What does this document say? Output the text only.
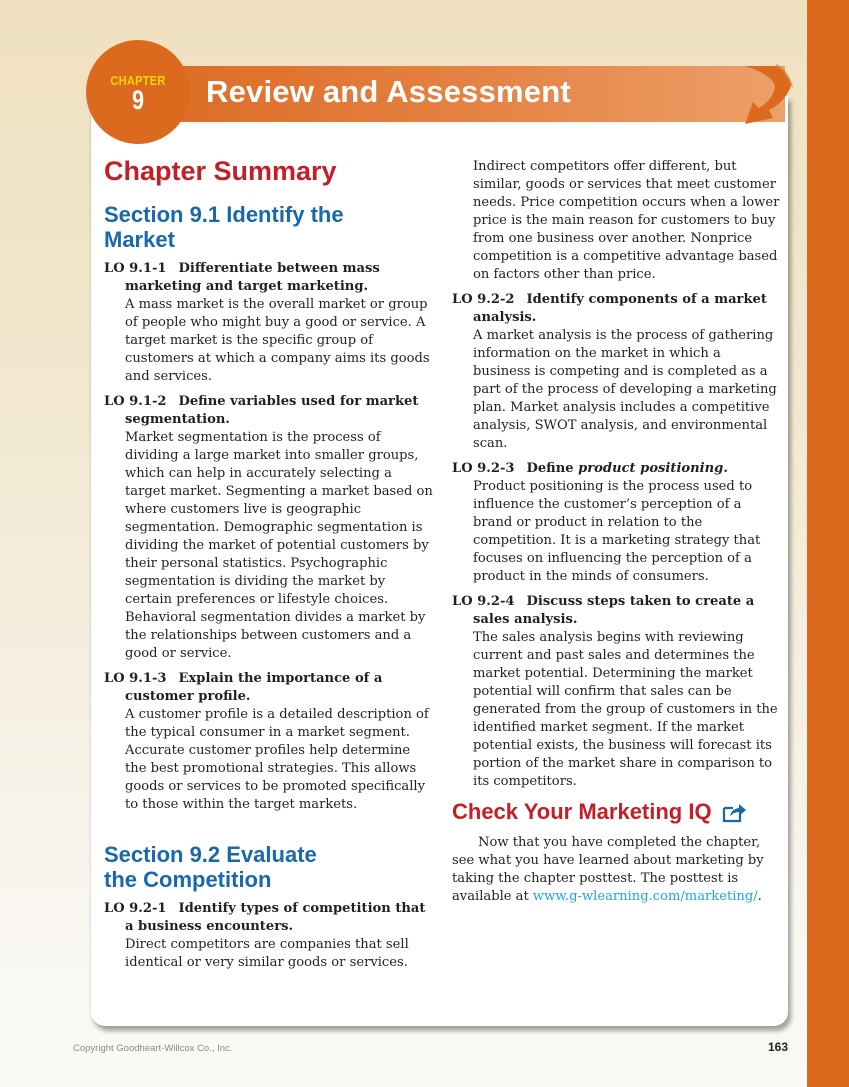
Review and Assessment
CHAPTER
9
Chapter Summary
Section 9.1 Identify the Market
LO 9.1-1 Differentiate between mass marketing and target marketing.
A mass market is the overall market or group of people who might buy a good or service. A target market is the specific group of customers at which a company aims its goods and services.
LO 9.1-2 Define variables used for market segmentation.
Market segmentation is the process of dividing a large market into smaller groups, which can help in accurately selecting a target market. Segmenting a market based on where customers live is geographic segmentation. Demographic segmentation is dividing the market of potential customers by their personal statistics. Psychographic segmentation is dividing the market by certain preferences or lifestyle choices. Behavioral segmentation divides a market by the relationships between customers and a good or service.
LO 9.1-3 Explain the importance of a customer profile.
A customer profile is a detailed description of the typical consumer in a market segment. Accurate customer profiles help determine the best promotional strategies. This allows goods or services to be promoted specifically to those within the target markets.
Section 9.2 Evaluate the Competition
LO 9.2-1 Identify types of competition that a business encounters.
Direct competitors are companies that sell identical or very similar goods or services.
Indirect competitors offer different, but similar, goods or services that meet customer needs. Price competition occurs when a lower price is the main reason for customers to buy from one business over another. Nonprice competition is a competitive advantage based on factors other than price.
LO 9.2-2 Identify components of a market analysis.
A market analysis is the process of gathering information on the market in which a business is competing and is completed as a part of the process of developing a marketing plan. Market analysis includes a competitive analysis, SWOT analysis, and environmental scan.
LO 9.2-3 Define product positioning.
Product positioning is the process used to influence the customer’s perception of a brand or product in relation to the competition. It is a marketing strategy that focuses on influencing the perception of a product in the minds of consumers.
LO 9.2-4 Discuss steps taken to create a sales analysis.
The sales analysis begins with reviewing current and past sales and determines the market potential. Determining the market potential will confirm that sales can be generated from the group of customers in the identified market segment. If the market potential exists, the business will forecast its portion of the market share in comparison to its competitors.
Check Your Marketing IQ

Now that you have completed the chapter, see what you have learned about marketing by taking the chapter posttest. The posttest is available at www.g-wlearning.com/marketing/.

Copyright Goodheart-Willcox Co., Inc.	163
